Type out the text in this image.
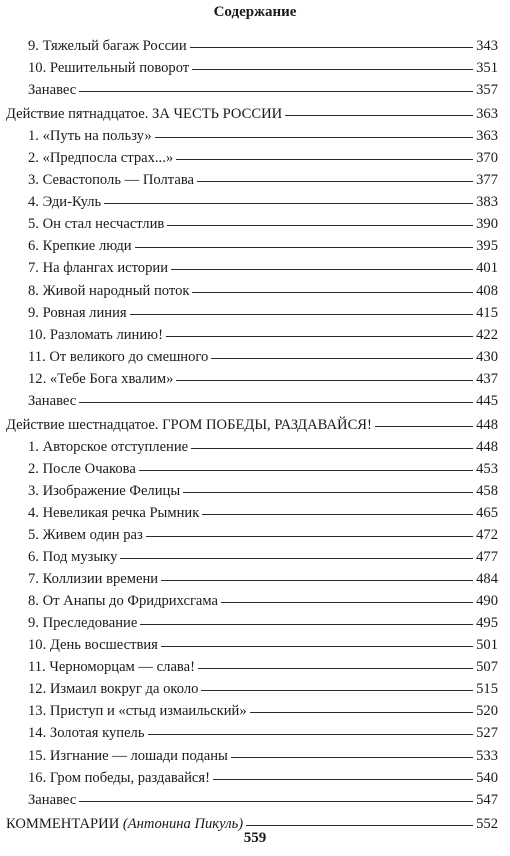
Содержание
9. Тяжелый багаж России	343
10. Решительный поворот	351
Занавес	357
Действие пятнадцатое. ЗА ЧЕСТЬ РОССИИ	363
1. «Путь на пользу»	363
2. «Предпосла страх...»	370
3. Севастополь — Полтава	377
4. Эди-Куль	383
5. Он стал несчастлив	390
6. Крепкие люди	395
7. На флангах истории	401
8. Живой народный поток	408
9. Ровная линия	415
10. Разломать линию!	422
11. От великого до смешного	430
12. «Тебе Бога хвалим»	437
Занавес	445
Действие шестнадцатое. ГРОМ ПОБЕДЫ, РАЗДАВАЙСЯ!	448
1. Авторское отступление	448
2. После Очакова	453
3. Изображение Фелицы	458
4. Невеликая речка Рымник	465
5. Живем один раз	472
6. Под музыку	477
7. Коллизии времени	484
8. От Анапы до Фридрихсгама	490
9. Преследование	495
10. День восшествия	501
11. Черноморцам — слава!	507
12. Измаил вокруг да около	515
13. Приступ и «стыд измаильский»	520
14. Золотая купель	527
15. Изгнание — лошади поданы	533
16. Гром победы, раздавайся!	540
Занавес	547
КОММЕНТАРИИ (Антонина Пикуль)	552
559
